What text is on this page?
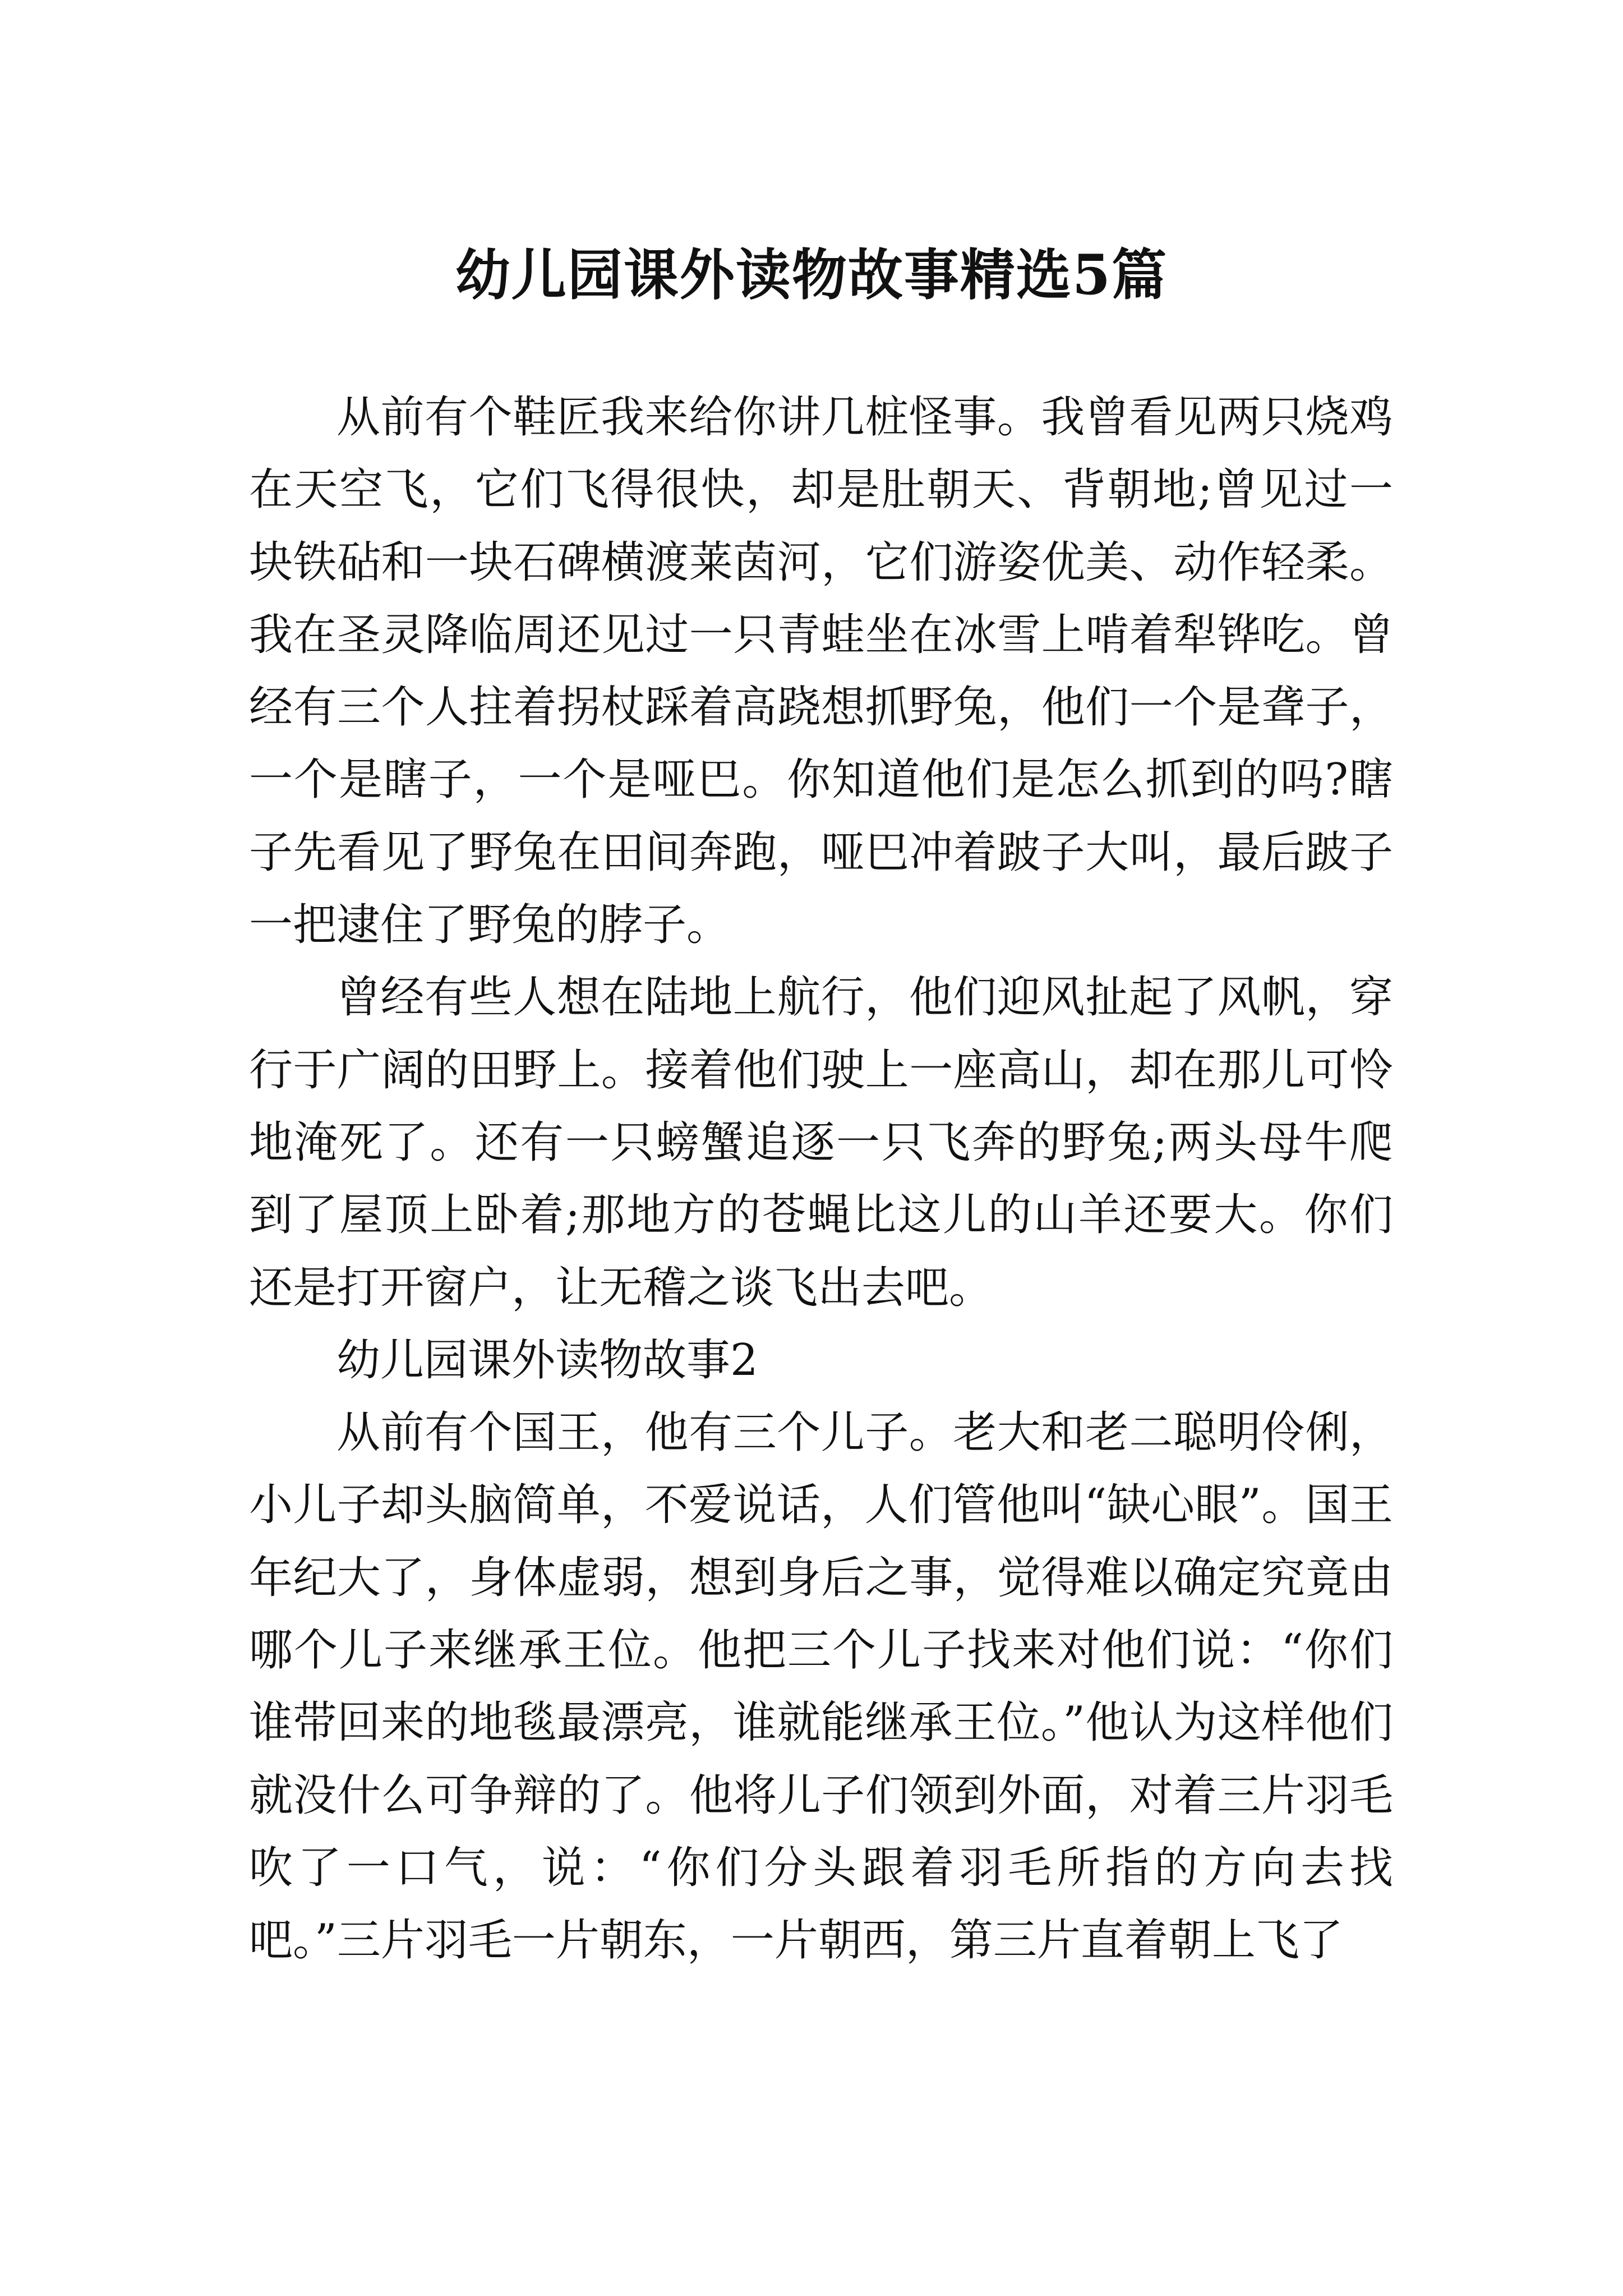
幼儿园课外读物故事精选5篇

从前有个鞋匠我来给你讲几桩怪事。我曾看见两只烧鸡在天空飞，它们飞得很快，却是肚朝天、背朝地;曾见过一块铁砧和一块石碑横渡莱茵河，它们游姿优美、动作轻柔。我在圣灵降临周还见过一只青蛙坐在冰雪上啃着犁铧吃。曾经有三个人拄着拐杖踩着高跷想抓野兔，他们一个是聋子，一个是瞎子，一个是哑巴。你知道他们是怎么抓到的吗?瞎子先看见了野兔在田间奔跑，哑巴冲着跛子大叫，最后跛子一把逮住了野兔的脖子。

曾经有些人想在陆地上航行，他们迎风扯起了风帆，穿行于广阔的田野上。接着他们驶上一座高山，却在那儿可怜地淹死了。还有一只螃蟹追逐一只飞奔的野兔;两头母牛爬到了屋顶上卧着;那地方的苍蝇比这儿的山羊还要大。你们还是打开窗户，让无稽之谈飞出去吧。

幼儿园课外读物故事2

从前有个国王，他有三个儿子。老大和老二聪明伶俐，小儿子却头脑简单，不爱说话，人们管他叫“缺心眼”。国王年纪大了，身体虚弱，想到身后之事，觉得难以确定究竟由哪个儿子来继承王位。他把三个儿子找来对他们说：“你们谁带回来的地毯最漂亮，谁就能继承王位。”他认为这样他们就没什么可争辩的了。他将儿子们领到外面，对着三片羽毛吹了一口气，说：“你们分头跟着羽毛所指的方向去找吧。”三片羽毛一片朝东，一片朝西，第三片直着朝上飞了
